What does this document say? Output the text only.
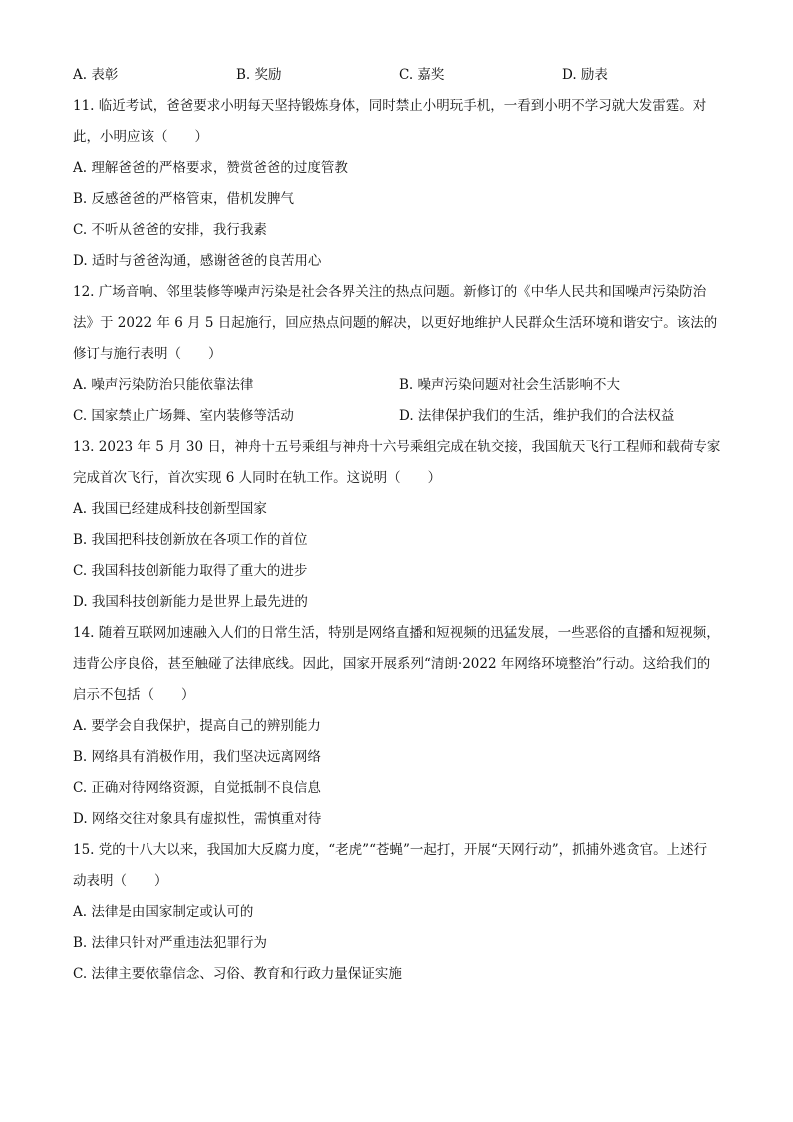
A. 表彰	B. 奖励	C. 嘉奖	D. 励表
11. 临近考试，爸爸要求小明每天坚持锻炼身体，同时禁止小明玩手机，一看到小明不学习就大发雷霆。对
此，小明应该（　　）
A. 理解爸爸的严格要求，赞赏爸爸的过度管教
B. 反感爸爸的严格管束，借机发脾气
C. 不听从爸爸的安排，我行我素
D. 适时与爸爸沟通，感谢爸爸的良苦用心
12. 广场音响、邻里装修等噪声污染是社会各界关注的热点问题。新修订的《中华人民共和国噪声污染防治
法》于 2022 年 6 月 5 日起施行，回应热点问题的解决，以更好地维护人民群众生活环境和谐安宁。该法的
修订与施行表明（　　）
A. 噪声污染防治只能依靠法律	B. 噪声污染问题对社会生活影响不大
C. 国家禁止广场舞、室内装修等活动	D. 法律保护我们的生活，维护我们的合法权益
13. 2023 年 5 月 30 日，神舟十五号乘组与神舟十六号乘组完成在轨交接，我国航天飞行工程师和载荷专家
完成首次飞行，首次实现 6 人同时在轨工作。这说明（　　）
A. 我国已经建成科技创新型国家
B. 我国把科技创新放在各项工作的首位
C. 我国科技创新能力取得了重大的进步
D. 我国科技创新能力是世界上最先进的
14. 随着互联网加速融入人们的日常生活，特别是网络直播和短视频的迅猛发展，一些恶俗的直播和短视频，
违背公序良俗，甚至触碰了法律底线。因此，国家开展系列“清朗·2022 年网络环境整治”行动。这给我们的
启示不包括（　　）
A. 要学会自我保护，提高自己的辨别能力
B. 网络具有消极作用，我们坚决远离网络
C. 正确对待网络资源，自觉抵制不良信息
D. 网络交往对象具有虚拟性，需慎重对待
15. 党的十八大以来，我国加大反腐力度，“老虎”“苍蝇”一起打，开展“天网行动”，抓捕外逃贪官。上述行
动表明（　　）
A. 法律是由国家制定或认可的
B. 法律只针对严重违法犯罪行为
C. 法律主要依靠信念、习俗、教育和行政力量保证实施
